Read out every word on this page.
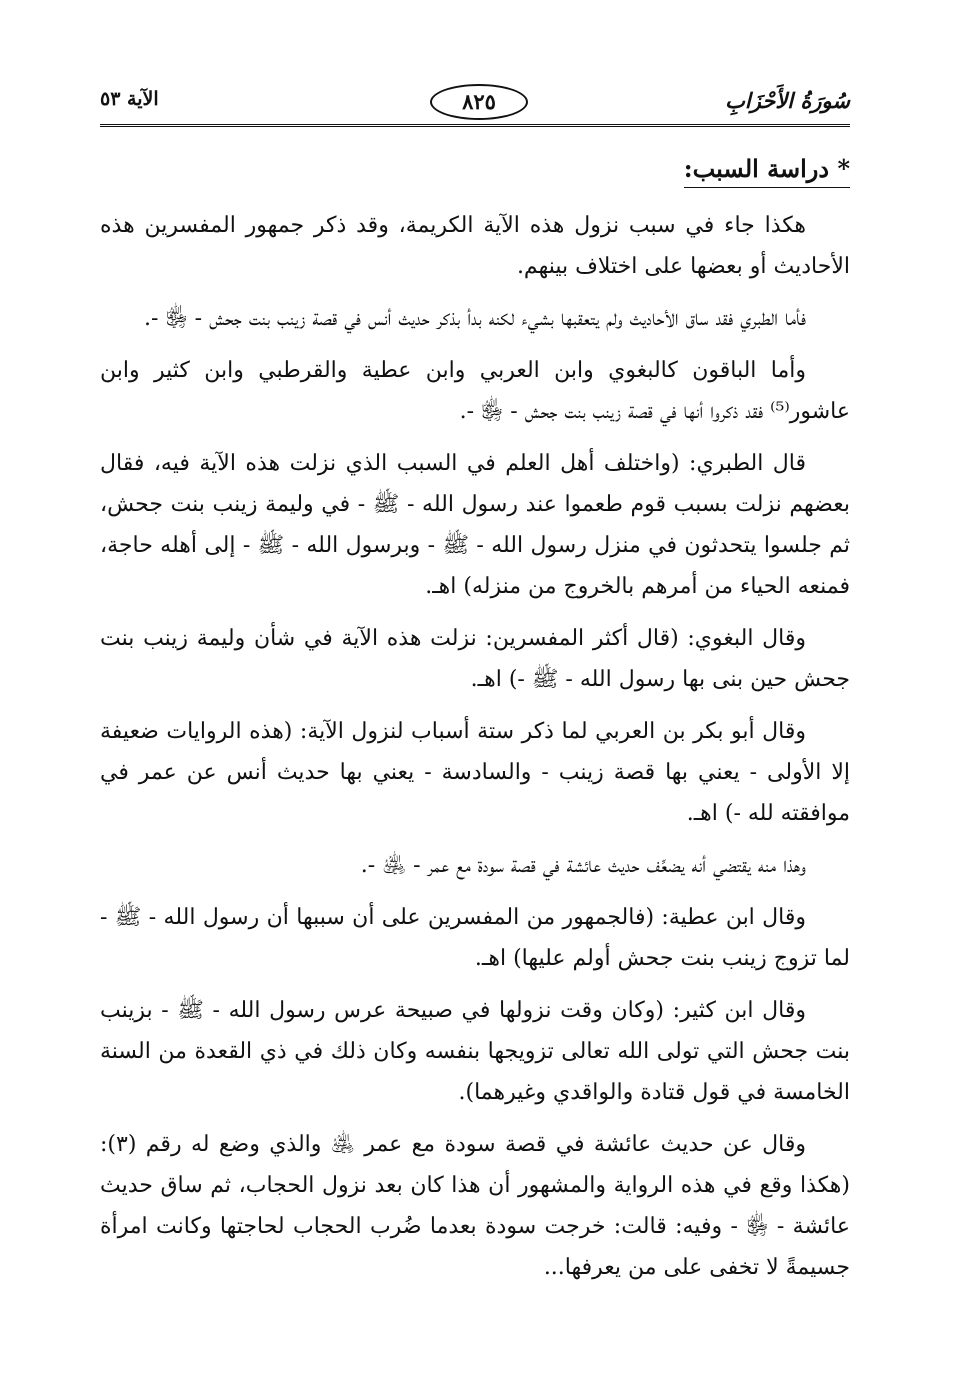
سُورَةُ الأَحْزَابِ
٨٢٥
الآية ٥٣
* دراسة السبب:

هكذا جاء في سبب نزول هذه الآية الكريمة، وقد ذكر جمهور المفسرين هذه الأحاديث أو بعضها على اختلاف بينهم.

فأما الطبري فقد ساق الأحاديث ولم يتعقبها بشيء لكنه بدأ بذكر حديث أنس في قصة زينب بنت جحش - ﵂ -.

وأما الباقون كالبغوي وابن العربي وابن عطية والقرطبي وابن كثير وابن عاشور⁽⁵⁾ فقد ذكروا أنها في قصة زينب بنت جحش - ﵂ -.

قال الطبري: (واختلف أهل العلم في السبب الذي نزلت هذه الآية فيه، فقال بعضهم نزلت بسبب قوم طعموا عند رسول الله - ﷺ - في وليمة زينب بنت جحش، ثم جلسوا يتحدثون في منزل رسول الله - ﷺ - وبرسول الله - ﷺ - إلى أهله حاجة، فمنعه الحياء من أمرهم بالخروج من منزله) اهـ.

وقال البغوي: (قال أكثر المفسرين: نزلت هذه الآية في شأن وليمة زينب بنت جحش حين بنى بها رسول الله - ﷺ -) اهـ.

وقال أبو بكر بن العربي لما ذكر ستة أسباب لنزول الآية: (هذه الروايات ضعيفة إلا الأولى - يعني بها قصة زينب - والسادسة - يعني بها حديث أنس عن عمر في موافقته لله -) اهـ.

وهذا منه يقتضي أنه يضعِّف حديث عائشة في قصة سودة مع عمر - ﵁ -.

وقال ابن عطية: (فالجمهور من المفسرين على أن سببها أن رسول الله - ﷺ - لما تزوج زينب بنت جحش أولم عليها) اهـ.

وقال ابن كثير: (وكان وقت نزولها في صبيحة عرس رسول الله - ﷺ - بزينب بنت جحش التي تولى الله تعالى تزويجها بنفسه وكان ذلك في ذي القعدة من السنة الخامسة في قول قتادة والواقدي وغيرهما).

وقال عن حديث عائشة في قصة سودة مع عمر ﵁ والذي وضع له رقم (٣): (هكذا وقع في هذه الرواية والمشهور أن هذا كان بعد نزول الحجاب، ثم ساق حديث عائشة - ﵂ - وفيه: قالت: خرجت سودة بعدما ضُرب الحجاب لحاجتها وكانت امرأة جسيمةً لا تخفى على من يعرفها...
